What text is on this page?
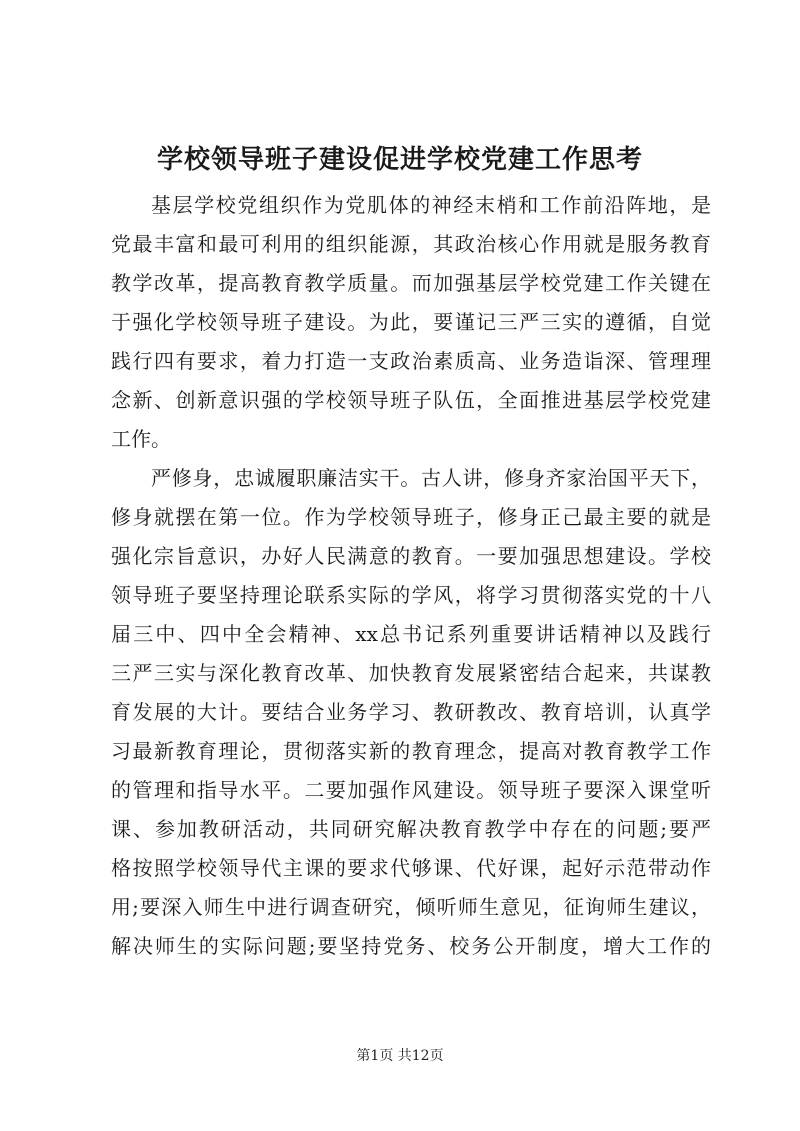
学校领导班子建设促进学校党建工作思考

基层学校党组织作为党肌体的神经末梢和工作前沿阵地，是
党最丰富和最可利用的组织能源，其政治核心作用就是服务教育
教学改革，提高教育教学质量。而加强基层学校党建工作关键在
于强化学校领导班子建设。为此，要谨记三严三实的遵循，自觉
践行四有要求，着力打造一支政治素质高、业务造诣深、管理理
念新、创新意识强的学校领导班子队伍，全面推进基层学校党建
工作。

严修身，忠诚履职廉洁实干。古人讲，修身齐家治国平天下，
修身就摆在第一位。作为学校领导班子，修身正己最主要的就是
强化宗旨意识，办好人民满意的教育。一要加强思想建设。学校
领导班子要坚持理论联系实际的学风，将学习贯彻落实党的十八
届三中、四中全会精神、xx总书记系列重要讲话精神以及践行
三严三实与深化教育改革、加快教育发展紧密结合起来，共谋教
育发展的大计。要结合业务学习、教研教改、教育培训，认真学
习最新教育理论，贯彻落实新的教育理念，提高对教育教学工作
的管理和指导水平。二要加强作风建设。领导班子要深入课堂听
课、参加教研活动，共同研究解决教育教学中存在的问题;要严
格按照学校领导代主课的要求代够课、代好课，起好示范带动作
用;要深入师生中进行调查研究，倾听师生意见，征询师生建议，
解决师生的实际问题;要坚持党务、校务公开制度，增大工作的

第1页 共12页
